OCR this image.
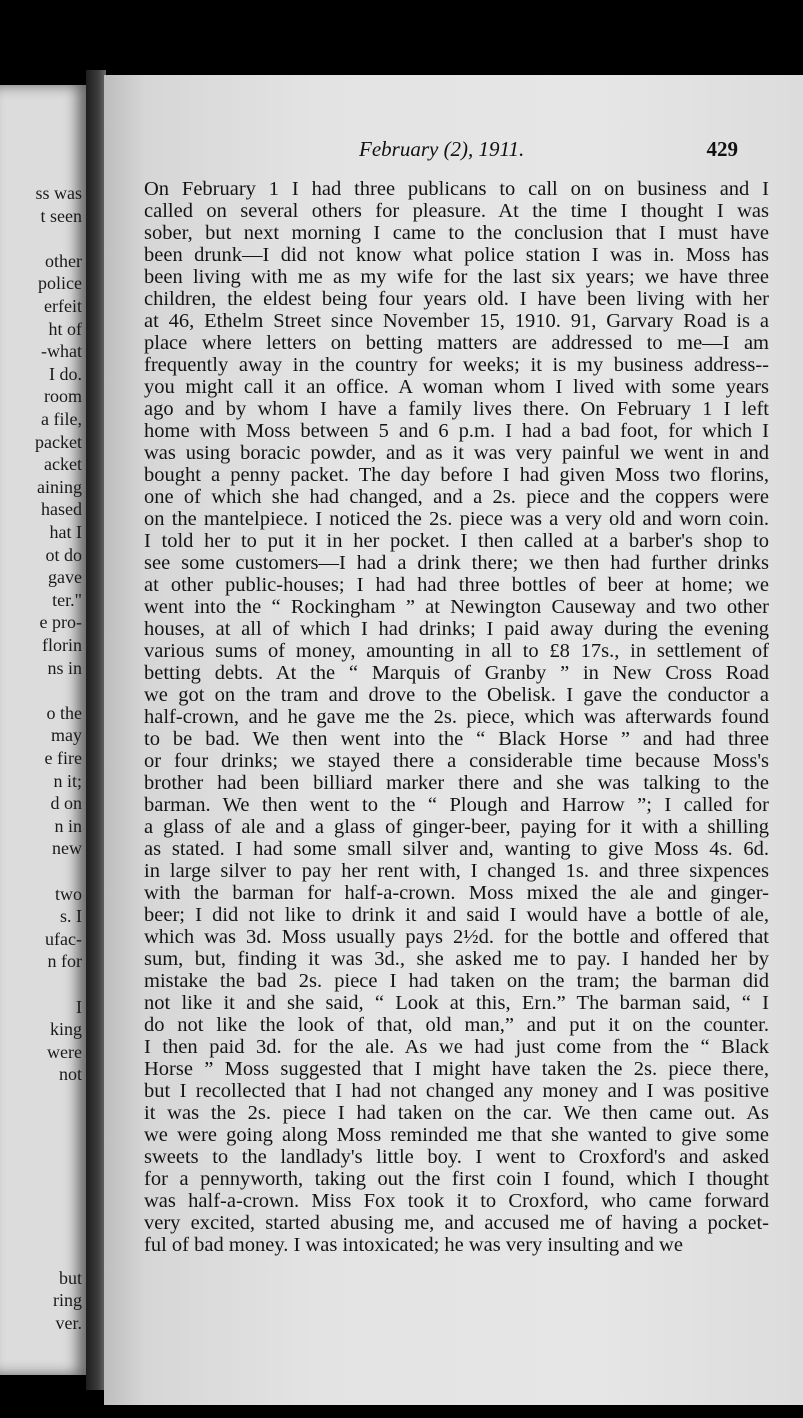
ss was
t seen
other
police
erfeit
ht of
-what
I do.
room
a file,
packet
acket
aining
hased
hat I
ot do
gave
ter."
e pro-
florin
ns in
o the
may
e fire
n it;
d on
n in
new
two
s. I
ufac-
n for
I
king
were
not
but
ring
ver.
February (2), 1911.	429
On February 1 I had three publicans to call on on business and I
called on several others for pleasure. At the time I thought I was
sober, but next morning I came to the conclusion that I must have
been drunk—I did not know what police station I was in. Moss has
been living with me as my wife for the last six years; we have three
children, the eldest being four years old. I have been living with her
at 46, Ethelm Street since November 15, 1910. 91, Garvary Road is a
place where letters on betting matters are addressed to me—I am
frequently away in the country for weeks; it is my business address--
you might call it an office. A woman whom I lived with some years
ago and by whom I have a family lives there. On February 1 I left
home with Moss between 5 and 6 p.m. I had a bad foot, for which I
was using boracic powder, and as it was very painful we went in and
bought a penny packet. The day before I had given Moss two florins,
one of which she had changed, and a 2s. piece and the coppers were
on the mantelpiece. I noticed the 2s. piece was a very old and worn coin.
I told her to put it in her pocket. I then called at a barber's shop to
see some customers—I had a drink there; we then had further drinks
at other public-houses; I had had three bottles of beer at home; we
went into the “ Rockingham ” at Newington Causeway and two other
houses, at all of which I had drinks; I paid away during the evening
various sums of money, amounting in all to £8 17s., in settlement of
betting debts. At the “ Marquis of Granby ” in New Cross Road
we got on the tram and drove to the Obelisk. I gave the conductor a
half-crown, and he gave me the 2s. piece, which was afterwards found
to be bad. We then went into the “ Black Horse ” and had three
or four drinks; we stayed there a considerable time because Moss's
brother had been billiard marker there and she was talking to the
barman. We then went to the “ Plough and Harrow ”; I called for
a glass of ale and a glass of ginger-beer, paying for it with a shilling
as stated. I had some small silver and, wanting to give Moss 4s. 6d.
in large silver to pay her rent with, I changed 1s. and three sixpences
with the barman for half-a-crown. Moss mixed the ale and ginger-
beer; I did not like to drink it and said I would have a bottle of ale,
which was 3d. Moss usually pays 2½d. for the bottle and offered that
sum, but, finding it was 3d., she asked me to pay. I handed her by
mistake the bad 2s. piece I had taken on the tram; the barman did
not like it and she said, “ Look at this, Ern.” The barman said, “ I
do not like the look of that, old man,” and put it on the counter.
I then paid 3d. for the ale. As we had just come from the “ Black
Horse ” Moss suggested that I might have taken the 2s. piece there,
but I recollected that I had not changed any money and I was positive
it was the 2s. piece I had taken on the car. We then came out. As
we were going along Moss reminded me that she wanted to give some
sweets to the landlady's little boy. I went to Croxford's and asked
for a pennyworth, taking out the first coin I found, which I thought
was half-a-crown. Miss Fox took it to Croxford, who came forward
very excited, started abusing me, and accused me of having a pocket-
ful of bad money. I was intoxicated; he was very insulting and we
